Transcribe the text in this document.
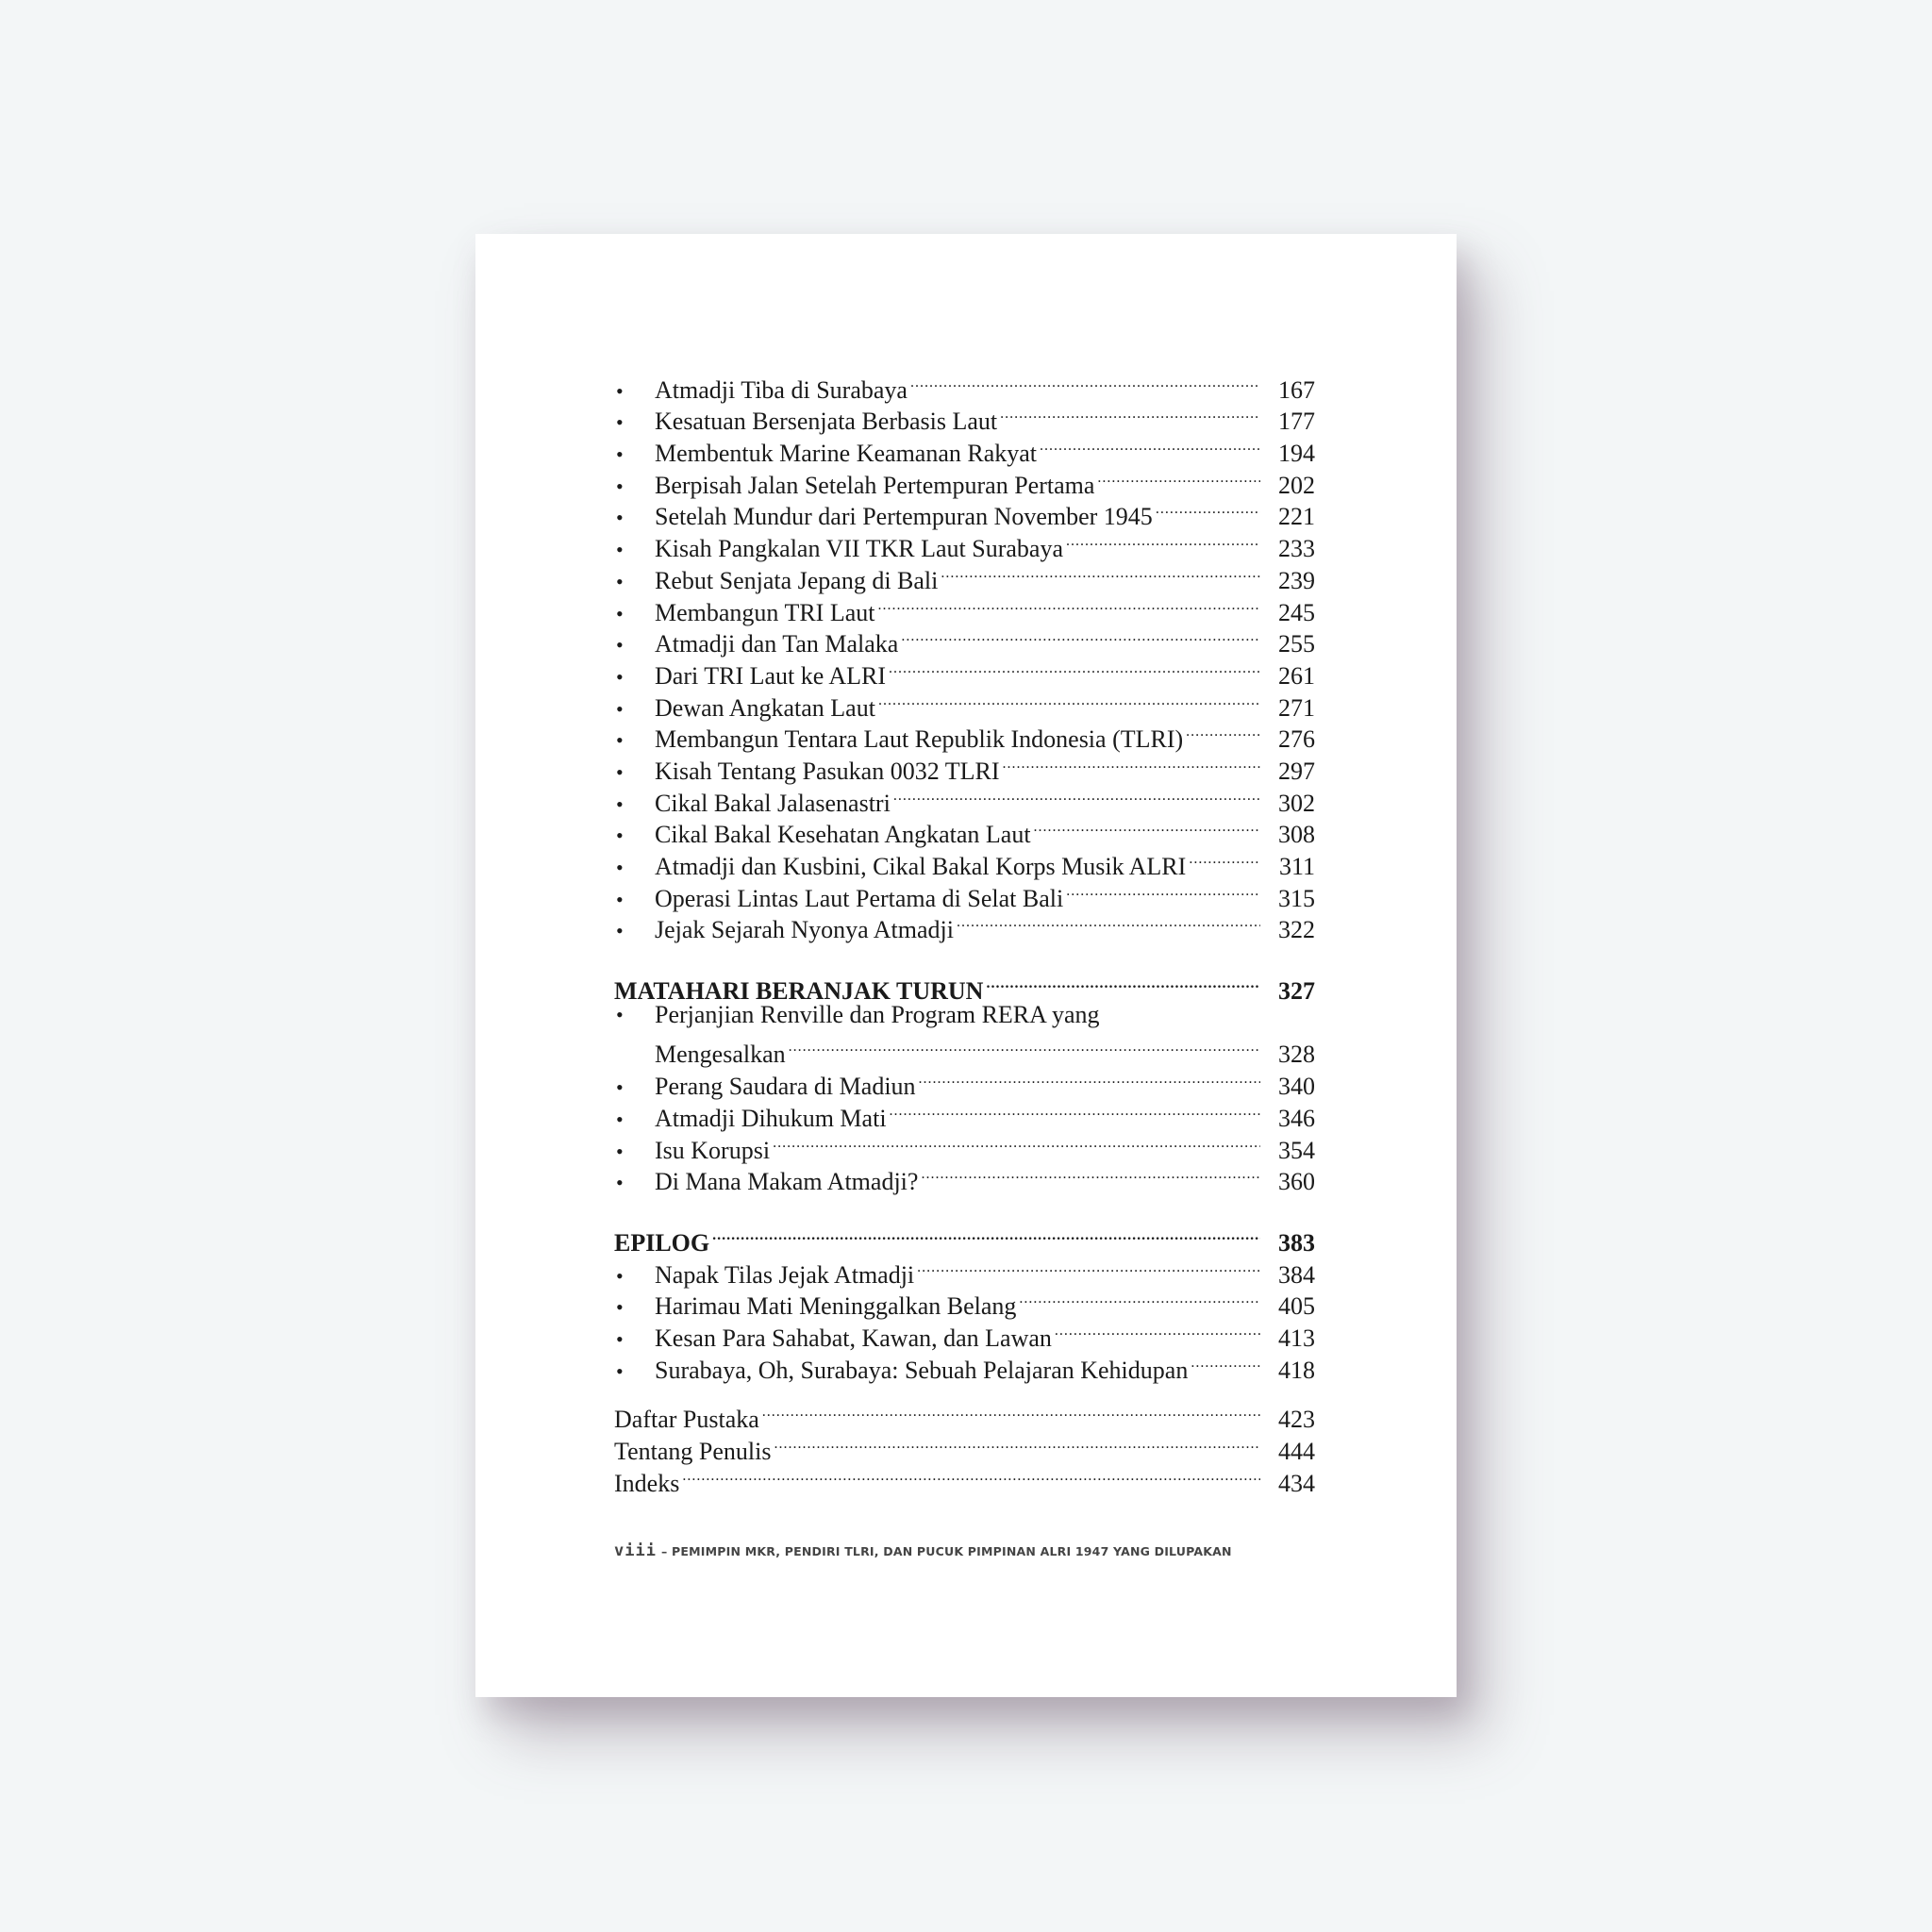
•	Atmadji Tiba di Surabaya .....	167
•	Kesatuan Bersenjata Berbasis Laut .....	177
•	Membentuk Marine Keamanan Rakyat .....	194
•	Berpisah Jalan Setelah Pertempuran Pertama .....	202
•	Setelah Mundur dari Pertempuran November 1945 .....	221
•	Kisah Pangkalan VII TKR Laut Surabaya .....	233
•	Rebut Senjata Jepang di Bali .....	239
•	Membangun TRI Laut .....	245
•	Atmadji dan Tan Malaka .....	255
•	Dari TRI Laut ke ALRI .....	261
•	Dewan Angkatan Laut .....	271
•	Membangun Tentara Laut Republik Indonesia (TLRI) .....	276
•	Kisah Tentang Pasukan 0032 TLRI .....	297
•	Cikal Bakal Jalasenastri .....	302
•	Cikal Bakal Kesehatan Angkatan Laut .....	308
•	Atmadji dan Kusbini, Cikal Bakal Korps Musik ALRI .....	311
•	Operasi Lintas Laut Pertama di Selat Bali .....	315
•	Jejak Sejarah Nyonya Atmadji .....	322
MATAHARI BERANJAK TURUN .....	327
•	Perjanjian Renville dan Program RERA yang
Mengesalkan .....	328
•	Perang Saudara di Madiun .....	340
•	Atmadji Dihukum Mati .....	346
•	Isu Korupsi .....	354
•	Di Mana Makam Atmadji? .....	360
EPILOG .....	383
•	Napak Tilas Jejak Atmadji .....	384
•	Harimau Mati Meninggalkan Belang .....	405
•	Kesan Para Sahabat, Kawan, dan Lawan .....	413
•	Surabaya, Oh, Surabaya: Sebuah Pelajaran Kehidupan .....	418
Daftar Pustaka .....	423
Tentang Penulis .....	444
Indeks .....	434
viii – PEMIMPIN MKR, PENDIRI TLRI, DAN PUCUK PIMPINAN ALRI 1947 YANG DILUPAKAN
